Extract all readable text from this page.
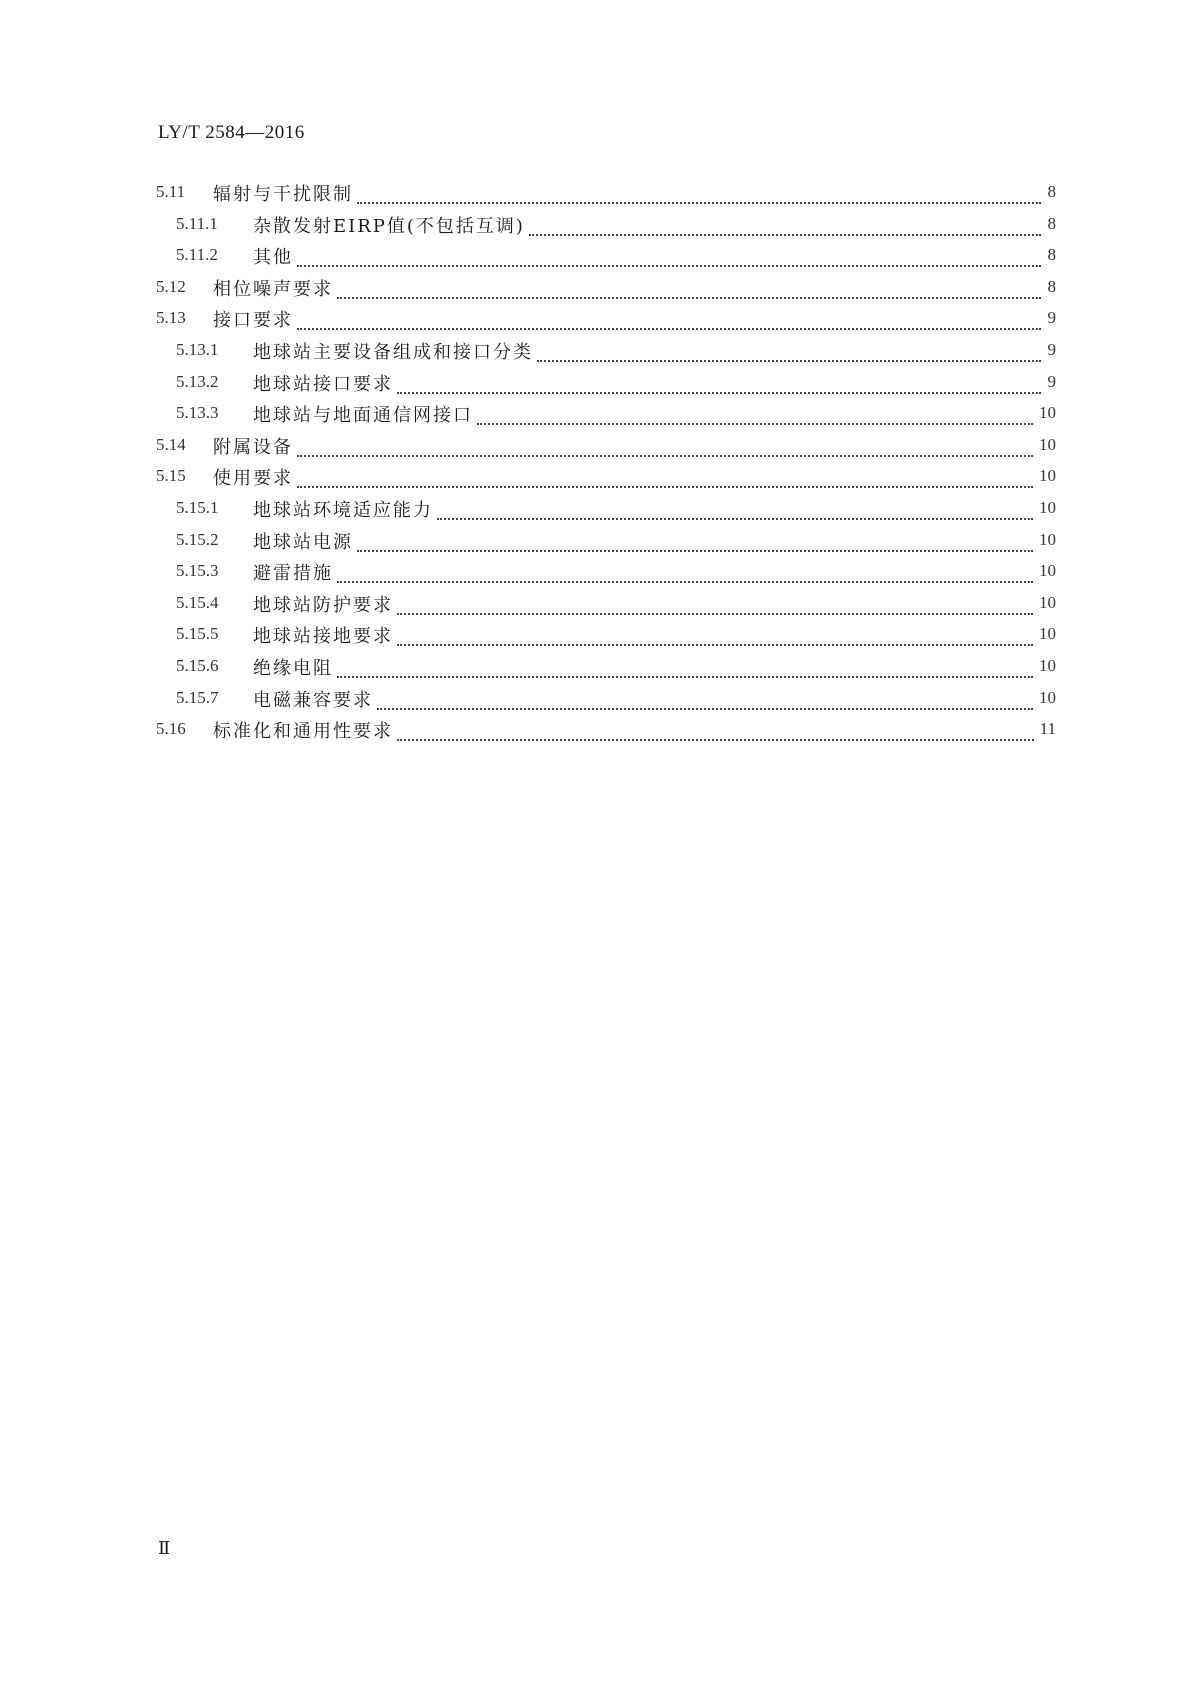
LY/T 2584—2016
5.11 辐射与干扰限制	8
5.11.1 杂散发射EIRP值(不包括互调)	8
5.11.2 其他	8
5.12 相位噪声要求	8
5.13 接口要求	9
5.13.1 地球站主要设备组成和接口分类	9
5.13.2 地球站接口要求	9
5.13.3 地球站与地面通信网接口	10
5.14 附属设备	10
5.15 使用要求	10
5.15.1 地球站环境适应能力	10
5.15.2 地球站电源	10
5.15.3 避雷措施	10
5.15.4 地球站防护要求	10
5.15.5 地球站接地要求	10
5.15.6 绝缘电阻	10
5.15.7 电磁兼容要求	10
5.16 标准化和通用性要求	11
Ⅱ
